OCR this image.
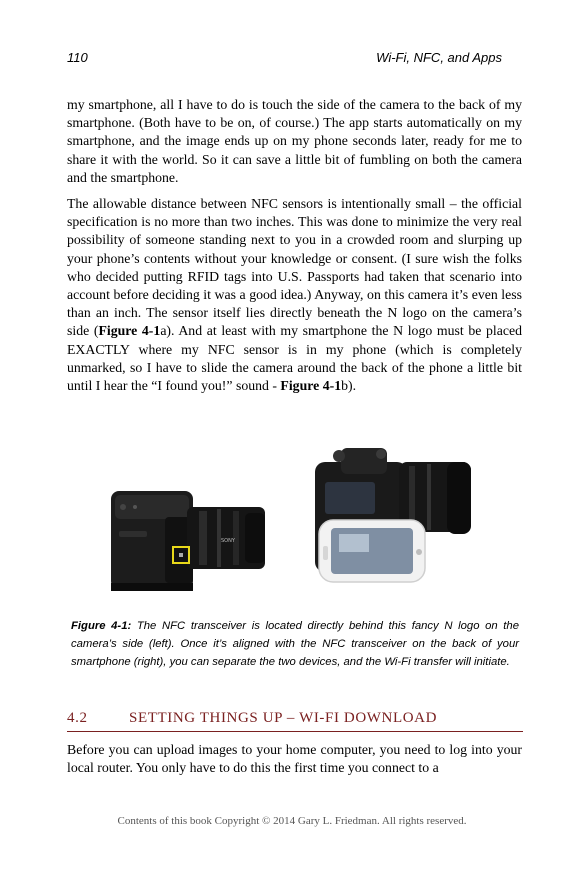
110	Wi-Fi, NFC, and Apps

my smartphone, all I have to do is touch the side of the camera to the back of my smartphone. (Both have to be on, of course.) The app starts automatically on my smartphone, and the image ends up on my phone seconds later, ready for me to share it with the world. So it can save a little bit of fumbling on both the camera and the smartphone.

The allowable distance between NFC sensors is intentionally small – the official specification is no more than two inches. This was done to minimize the very real possibility of someone standing next to you in a crowded room and slurping up your phone’s contents without your knowledge or consent. (I sure wish the folks who decided putting RFID tags into U.S. Passports had taken that scenario into account before deciding it was a good idea.) Anyway, on this camera it’s even less than an inch. The sensor itself lies directly beneath the N logo on the camera’s side (Figure 4-1a). And at least with my smartphone the N logo must be placed EXACTLY where my NFC sensor is in my phone (which is completely unmarked, so I have to slide the camera around the back of the phone a little bit until I hear the “I found you!” sound - Figure 4-1b).

SONY
Figure 4-1: The NFC transceiver is located directly behind this fancy N logo on the camera’s side (left). Once it’s aligned with the NFC transceiver on the back of your smartphone (right), you can separate the two devices, and the Wi-Fi transfer will initiate.
4.2	SETTING THINGS UP – WI-FI DOWNLOAD
Before you can upload images to your home computer, you need to log into your local router. You only have to do this the first time you connect to a
Contents of this book Copyright © 2014 Gary L. Friedman. All rights reserved.
